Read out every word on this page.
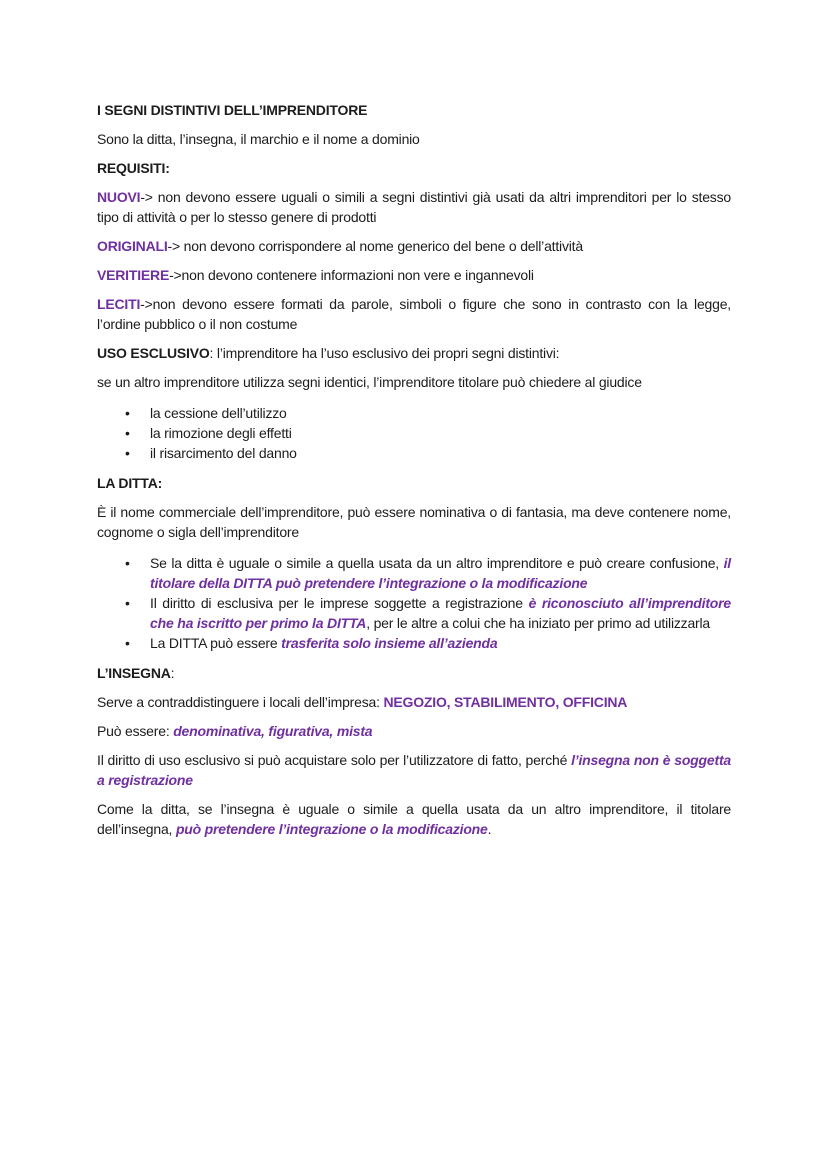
I SEGNI DISTINTIVI DELL’IMPRENDITORE

Sono la ditta, l’insegna, il marchio e il nome a dominio

REQUISITI:

NUOVI-> non devono essere uguali o simili a segni distintivi già usati da altri imprenditori per lo stesso tipo di attività o per lo stesso genere di prodotti

ORIGINALI-> non devono corrispondere al nome generico del bene o dell’attività

VERITIERE->non devono contenere informazioni non vere e ingannevoli

LECITI->non devono essere formati da parole, simboli o figure che sono in contrasto con la legge, l’ordine pubblico o il non costume

USO ESCLUSIVO: l’imprenditore ha l’uso esclusivo dei propri segni distintivi:

se un altro imprenditore utilizza segni identici, l’imprenditore titolare può chiedere al giudice

• la cessione dell’utilizzo
• la rimozione degli effetti
• il risarcimento del danno

LA DITTA:

È il nome commerciale dell’imprenditore, può essere nominativa o di fantasia, ma deve contenere nome, cognome o sigla dell’imprenditore

• Se la ditta è uguale o simile a quella usata da un altro imprenditore e può creare confusione, il titolare della DITTA può pretendere l’integrazione o la modificazione
• Il diritto di esclusiva per le imprese soggette a registrazione è riconosciuto all’imprenditore che ha iscritto per primo la DITTA, per le altre a colui che ha iniziato per primo ad utilizzarla
• La DITTA può essere trasferita solo insieme all’azienda

L’INSEGNA:

Serve a contraddistinguere i locali dell’impresa: NEGOZIO, STABILIMENTO, OFFICINA

Può essere: denominativa, figurativa, mista

Il diritto di uso esclusivo si può acquistare solo per l’utilizzatore di fatto, perché l’insegna non è soggetta a registrazione

Come la ditta, se l’insegna è uguale o simile a quella usata da un altro imprenditore, il titolare dell’insegna, può pretendere l’integrazione o la modificazione.
